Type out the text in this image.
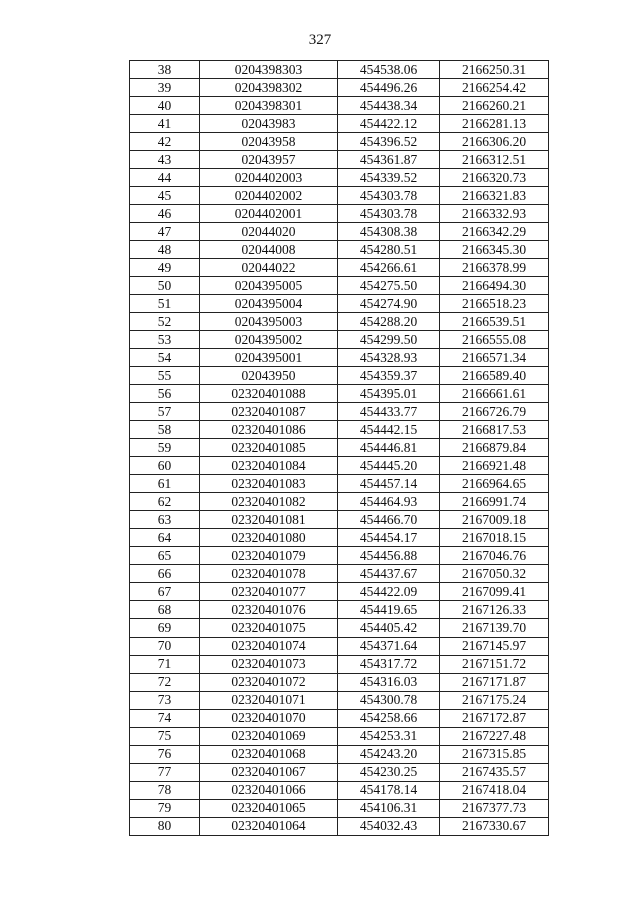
327
38	0204398303	454538.06	2166250.31
39	0204398302	454496.26	2166254.42
40	0204398301	454438.34	2166260.21
41	02043983	454422.12	2166281.13
42	02043958	454396.52	2166306.20
43	02043957	454361.87	2166312.51
44	0204402003	454339.52	2166320.73
45	0204402002	454303.78	2166321.83
46	0204402001	454303.78	2166332.93
47	02044020	454308.38	2166342.29
48	02044008	454280.51	2166345.30
49	02044022	454266.61	2166378.99
50	0204395005	454275.50	2166494.30
51	0204395004	454274.90	2166518.23
52	0204395003	454288.20	2166539.51
53	0204395002	454299.50	2166555.08
54	0204395001	454328.93	2166571.34
55	02043950	454359.37	2166589.40
56	02320401088	454395.01	2166661.61
57	02320401087	454433.77	2166726.79
58	02320401086	454442.15	2166817.53
59	02320401085	454446.81	2166879.84
60	02320401084	454445.20	2166921.48
61	02320401083	454457.14	2166964.65
62	02320401082	454464.93	2166991.74
63	02320401081	454466.70	2167009.18
64	02320401080	454454.17	2167018.15
65	02320401079	454456.88	2167046.76
66	02320401078	454437.67	2167050.32
67	02320401077	454422.09	2167099.41
68	02320401076	454419.65	2167126.33
69	02320401075	454405.42	2167139.70
70	02320401074	454371.64	2167145.97
71	02320401073	454317.72	2167151.72
72	02320401072	454316.03	2167171.87
73	02320401071	454300.78	2167175.24
74	02320401070	454258.66	2167172.87
75	02320401069	454253.31	2167227.48
76	02320401068	454243.20	2167315.85
77	02320401067	454230.25	2167435.57
78	02320401066	454178.14	2167418.04
79	02320401065	454106.31	2167377.73
80	02320401064	454032.43	2167330.67
